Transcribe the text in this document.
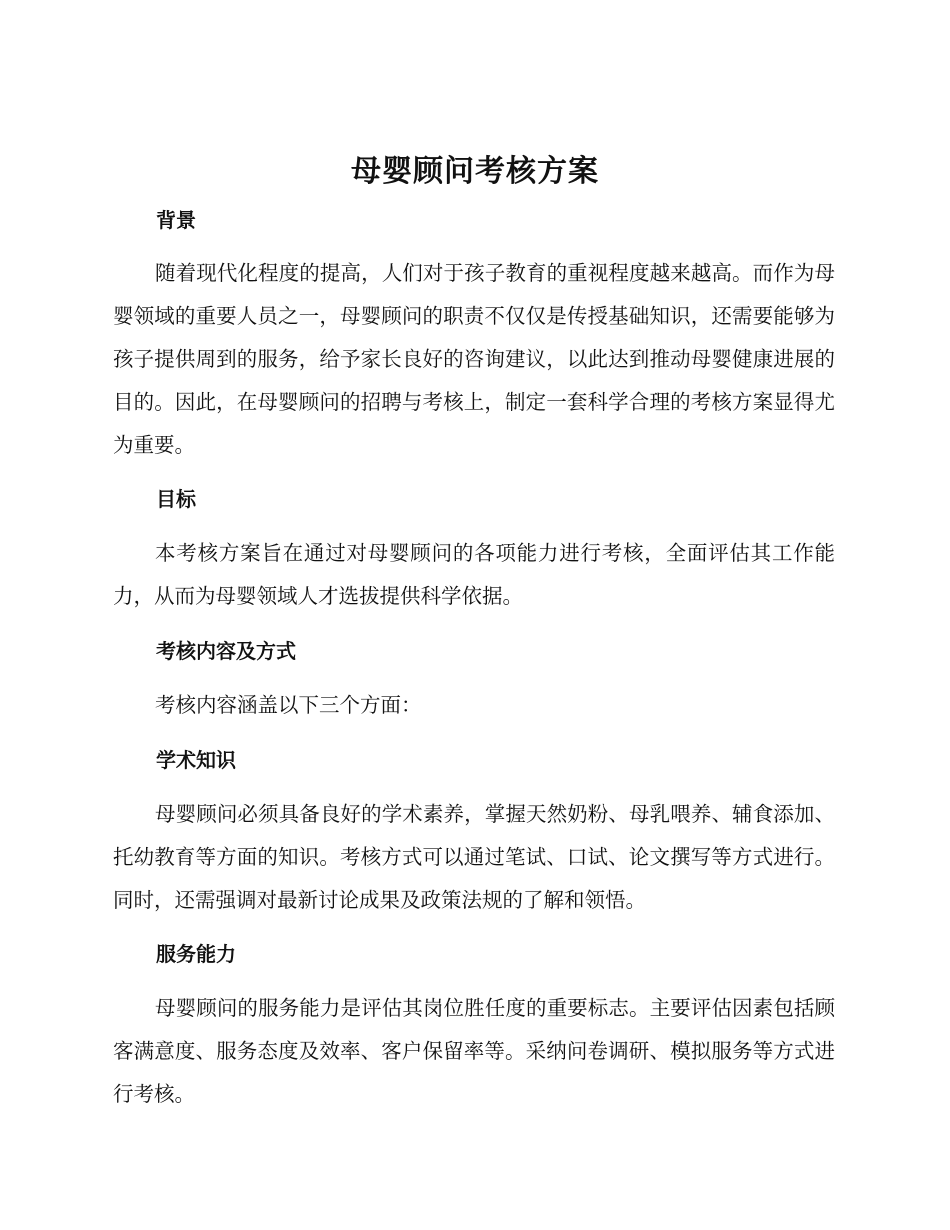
母婴顾问考核方案
背景

随着现代化程度的提高，人们对于孩子教育的重视程度越来越高。而作为母婴领域的重要人员之一，母婴顾问的职责不仅仅是传授基础知识，还需要能够为孩子提供周到的服务，给予家长良好的咨询建议，以此达到推动母婴健康进展的目的。因此，在母婴顾问的招聘与考核上，制定一套科学合理的考核方案显得尤为重要。

目标

本考核方案旨在通过对母婴顾问的各项能力进行考核，全面评估其工作能力，从而为母婴领域人才选拔提供科学依据。

考核内容及方式

考核内容涵盖以下三个方面：

学术知识

母婴顾问必须具备良好的学术素养，掌握天然奶粉、母乳喂养、辅食添加、托幼教育等方面的知识。考核方式可以通过笔试、口试、论文撰写等方式进行。同时，还需强调对最新讨论成果及政策法规的了解和领悟。

服务能力

母婴顾问的服务能力是评估其岗位胜任度的重要标志。主要评估因素包括顾客满意度、服务态度及效率、客户保留率等。采纳问卷调研、模拟服务等方式进行考核。
